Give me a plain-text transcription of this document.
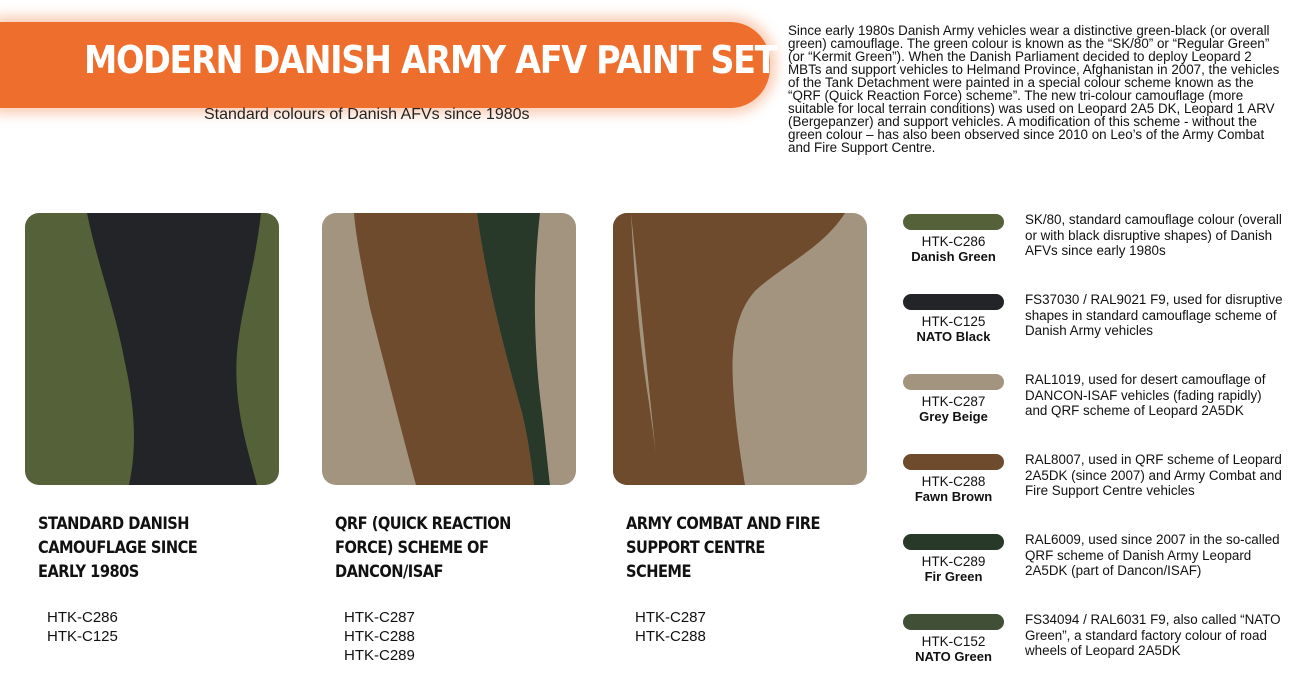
MODERN DANISH ARMY AFV PAINT SET

Standard colours of Danish AFVs since 1980s

Since early 1980s Danish Army vehicles wear a distinctive green-black (or overall green) camouflage. The green colour is known as the “SK/80” or “Regular Green” (or “Kermit Green”). When the Danish Parliament decided to deploy Leopard 2 MBTs and support vehicles to Helmand Province, Afghanistan in 2007, the vehicles of the Tank Detachment were painted in a special colour scheme known as the “QRF (Quick Reaction Force) scheme”. The new tri-colour camouflage (more suitable for local terrain conditions) was used on Leopard 2A5 DK, Leopard 1 ARV (Bergepanzer) and support vehicles. A modification of this scheme - without the green colour – has also been observed since 2010 on Leo’s of the Army Combat and Fire Support Centre.

STANDARD DANISH CAMOUFLAGE SINCE EARLY 1980S
QRF (QUICK REACTION FORCE) SCHEME OF DANCON/ISAF
ARMY COMBAT AND FIRE SUPPORT CENTRE SCHEME
HTK-C286
HTK-C125
HTK-C287
HTK-C288
HTK-C289
HTK-C287
HTK-C288
HTK-C286
Danish Green
SK/80, standard camouflage colour (overall or with black disruptive shapes) of Danish AFVs since early 1980s
HTK-C125
NATO Black
FS37030 / RAL9021 F9, used for disruptive shapes in standard camouflage scheme of Danish Army vehicles
HTK-C287
Grey Beige
RAL1019, used for desert camouflage of DANCON-ISAF vehicles (fading rapidly) and QRF scheme of Leopard 2A5DK
HTK-C288
Fawn Brown
RAL8007, used in QRF scheme of Leopard 2A5DK (since 2007) and Army Combat and Fire Support Centre vehicles
HTK-C289
Fir Green
RAL6009, used since 2007 in the so-called QRF scheme of Danish Army Leopard 2A5DK (part of Dancon/ISAF)
HTK-C152
NATO Green
FS34094 / RAL6031 F9, also called “NATO Green”, a standard factory colour of road wheels of Leopard 2A5DK
